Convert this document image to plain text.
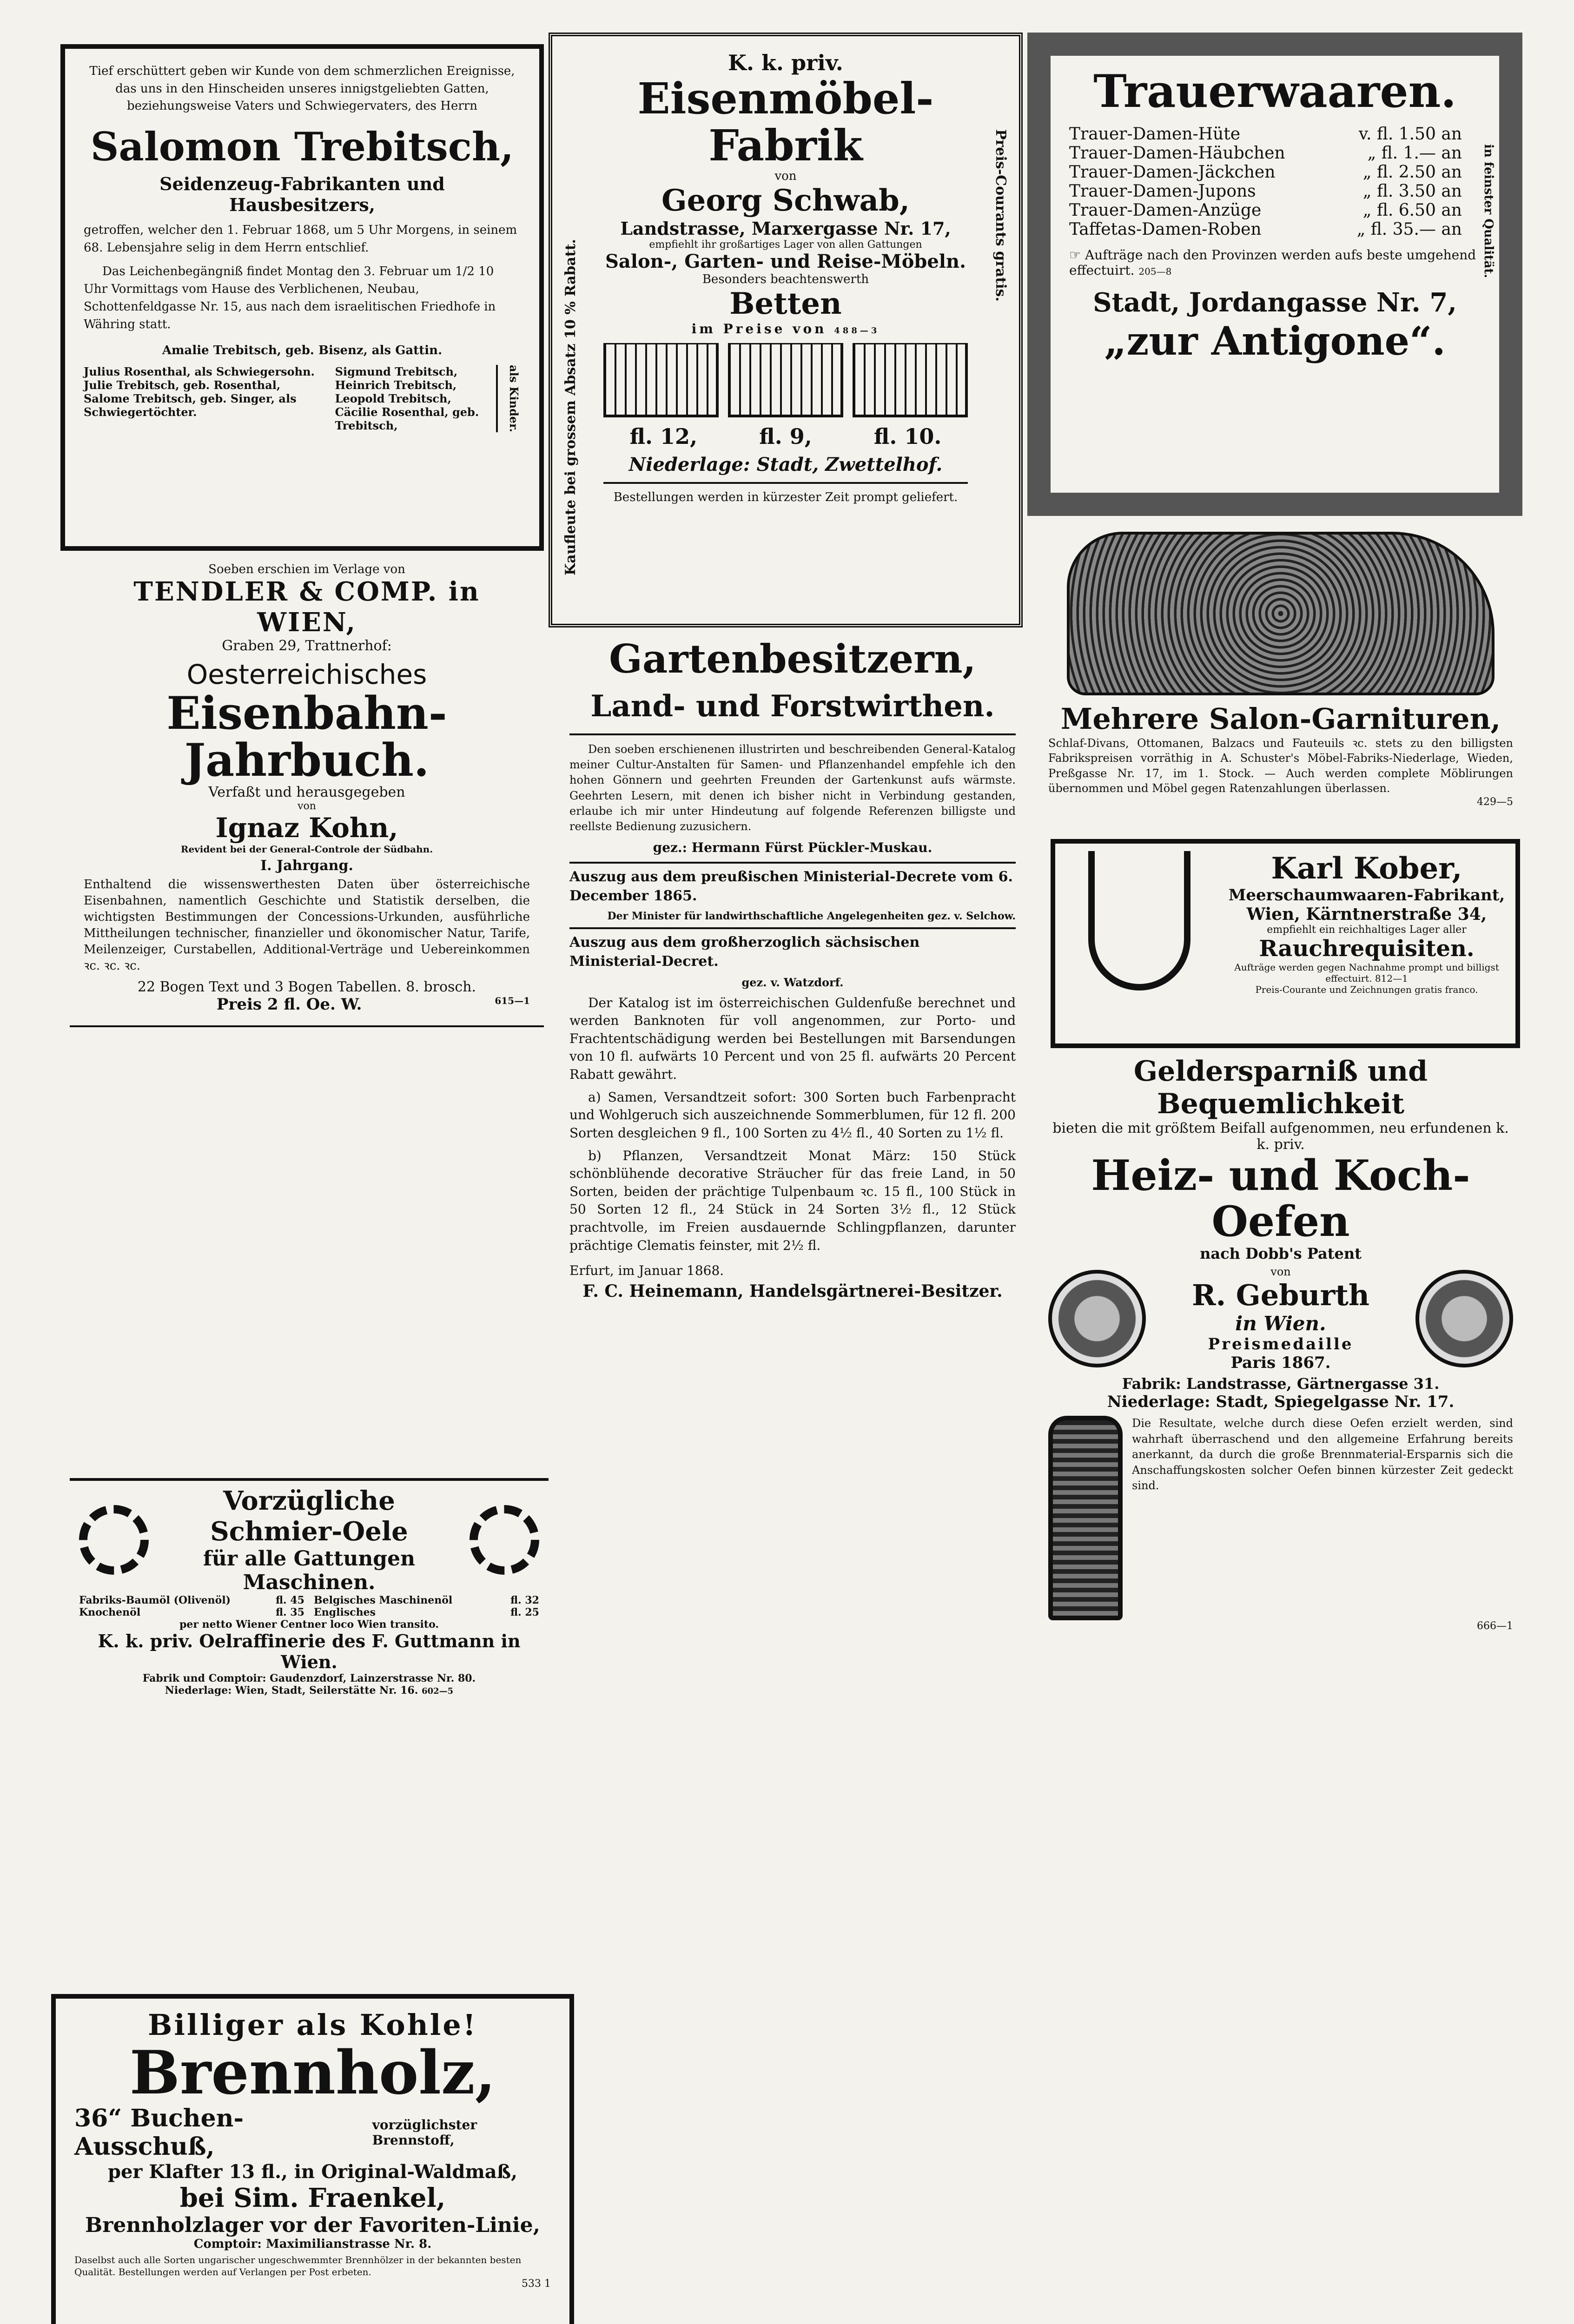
Tief erschüttert geben wir Kunde von dem schmerzlichen Ereignisse, das uns in den Hinscheiden unseres innigstgeliebten Gatten, beziehungsweise Vaters und Schwiegervaters, des Herrn
Salomon Trebitsch,
Seidenzeug-Fabrikanten und Hausbesitzers,
getroffen, welcher den 1. Februar 1868, um 5 Uhr Morgens, in seinem 68. Lebensjahre selig in dem Herrn entschlief.
Das Leichenbegängniß findet Montag den 3. Februar um 1/2 10 Uhr Vormittags vom Hause des Verblichenen, Neubau, Schottenfeldgasse Nr. 15, aus nach dem israelitischen Friedhofe in Währing statt.
Amalie Trebitsch, geb. Bisenz, als Gattin.
Julius Rosenthal, als Schwiegersohn.
Julie Trebitsch, geb. Rosenthal,
Salome Trebitsch, geb. Singer, als Schwiegertöchter.
Sigmund Trebitsch,
Heinrich Trebitsch,
Leopold Trebitsch,
Cäcilie Rosenthal, geb. Trebitsch,	als Kinder.	Kaufleute bei grossem Absatz 10 % Rabatt.
Preis-Courants gratis.
K. k. priv.
Eisenmöbel-Fabrik
von
Georg Schwab,
Landstrasse, Marxergasse Nr. 17,
empfiehlt ihr großartiges Lager von allen Gattungen
Salon-, Garten- und Reise-Möbeln.
Besonders beachtenswerth
Betten
im Preise von 488—3
fl. 12,	fl. 9,	fl. 10.
Niederlage: Stadt, Zwettelhof.
Bestellungen werden in kürzester Zeit prompt geliefert.
Trauerwaaren.
Trauer-Damen-Hüte	v. fl. 1.50 an
Trauer-Damen-Häubchen	„ fl. 1.— an
Trauer-Damen-Jäckchen	„ fl. 2.50 an
Trauer-Damen-Jupons	„ fl. 3.50 an
Trauer-Damen-Anzüge	„ fl. 6.50 an
Taffetas-Damen-Roben	„ fl. 35.— an in feinster Qualität.
☞ Aufträge nach den Provinzen werden aufs beste umgehend effectuirt. 205—8
Stadt, Jordangasse Nr. 7,
„zur Antigone“.
Mehrere Salon-Garnituren,
Schlaf-Divans, Ottomanen, Balzacs und Fauteuils ꝛc. stets zu den billigsten Fabrikspreisen vorräthig in A. Schuster's Möbel-Fabriks-Niederlage, Wieden, Preßgasse Nr. 17, im 1. Stock. — Auch werden complete Möblirungen übernommen und Möbel gegen Ratenzahlungen überlassen.
429—5
Soeben erschien im Verlage von
TENDLER & COMP. in WIEN,
Graben 29, Trattnerhof:
Oesterreichisches
Eisenbahn-Jahrbuch.
Verfaßt und herausgegeben
von
Ignaz Kohn,
Revident bei der General-Controle der Südbahn.
I. Jahrgang.
Enthaltend die wissenswerthesten Daten über österreichische Eisenbahnen, namentlich Geschichte und Statistik derselben, die wichtigsten Bestimmungen der Concessions-Urkunden, ausführliche Mittheilungen technischer, finanzieller und ökonomischer Natur, Tarife, Meilenzeiger, Curstabellen, Additional-Verträge und Uebereinkommen ꝛc. ꝛc. ꝛc.
22 Bogen Text und 3 Bogen Tabellen. 8. brosch.
Preis 2 fl. Oe. W.	615—1
Gartenbesitzern,
Land- und Forstwirthen.
Den soeben erschienenen illustrirten und beschreibenden General-Katalog meiner Cultur-Anstalten für Samen- und Pflanzenhandel empfehle ich den hohen Gönnern und geehrten Freunden der Gartenkunst aufs wärmste. Geehrten Lesern, mit denen ich bisher nicht in Verbindung gestanden, erlaube ich mir unter Hindeutung auf folgende Referenzen billigste und reellste Bedienung zuzusichern.
gez.: Hermann Fürst Pückler-Muskau.
Auszug aus dem preußischen Ministerial-Decrete vom 6. December 1865.
Der Minister für landwirthschaftliche Angelegenheiten gez. v. Selchow.
Auszug aus dem großherzoglich sächsischen Ministerial-Decret.
gez. v. Watzdorf.
Der Katalog ist im österreichischen Guldenfuße berechnet und werden Banknoten für voll angenommen, zur Porto- und Frachtentschädigung werden bei Bestellungen mit Barsendungen von 10 fl. aufwärts 10 Percent und von 25 fl. aufwärts 20 Percent Rabatt gewährt.
a) Samen, Versandtzeit sofort: 300 Sorten buch Farbenpracht und Wohlgeruch sich auszeichnende Sommerblumen, für 12 fl. 200 Sorten desgleichen 9 fl., 100 Sorten zu 4½ fl., 40 Sorten zu 1½ fl.
b) Pflanzen, Versandtzeit Monat März: 150 Stück schönblühende decorative Sträucher für das freie Land, in 50 Sorten, beiden der prächtige Tulpenbaum ꝛc. 15 fl., 100 Stück in 50 Sorten 12 fl., 24 Stück in 24 Sorten 3½ fl., 12 Stück prachtvolle, im Freien ausdauernde Schlingpflanzen, darunter prächtige Clematis feinster, mit 2½ fl.
Erfurt, im Januar 1868.
F. C. Heinemann, Handelsgärtnerei-Besitzer.
Karl Kober,
Meerschaumwaaren-Fabrikant,
Wien, Kärntnerstraße 34,
empfiehlt ein reichhaltiges Lager aller
Rauchrequisiten.
Aufträge werden gegen Nachnahme prompt und billigst effectuirt. 812—1
Preis-Courante und Zeichnungen gratis franco.
Geldersparniß und Bequemlichkeit
bieten die mit größtem Beifall aufgenommen, neu erfundenen k. k. priv.
Heiz- und Koch-Oefen
nach Dobb's Patent
von
R. Geburth
in Wien.
Preismedaille
Paris 1867.
Fabrik: Landstrasse, Gärtnergasse 31.
Niederlage: Stadt, Spiegelgasse Nr. 17.
Die Resultate, welche durch diese Oefen erzielt werden, sind wahrhaft überraschend und den allgemeine Erfahrung bereits anerkannt, da durch die große Brennmaterial-Ersparnis sich die Anschaffungskosten solcher Oefen binnen kürzester Zeit gedeckt sind.
666—1
Vorzügliche Schmier-Oele
für alle Gattungen Maschinen.
Fabriks-Baumöl (Olivenöl)	fl. 45
Knochenöl	fl. 35
Belgisches Maschinenöl	fl. 32
Englisches	fl. 25
per netto Wiener Centner loco Wien transito.
K. k. priv. Oelraffinerie des F. Guttmann in Wien.
Fabrik und Comptoir: Gaudenzdorf, Lainzerstrasse Nr. 80.
Niederlage: Wien, Stadt, Seilerstätte Nr. 16. 602—5
Billiger als Kohle!
Brennholz,
36“ Buchen-Ausschuß,
vorzüglichster Brennstoff,
per Klafter 13 fl., in Original-Waldmaß,
bei Sim. Fraenkel,
Brennholzlager vor der Favoriten-Linie,
Comptoir: Maximilianstrasse Nr. 8.
Daselbst auch alle Sorten ungarischer ungeschwemmter Brennhölzer in der bekannten besten Qualität. Bestellungen werden auf Verlangen per Post erbeten.
533 1
